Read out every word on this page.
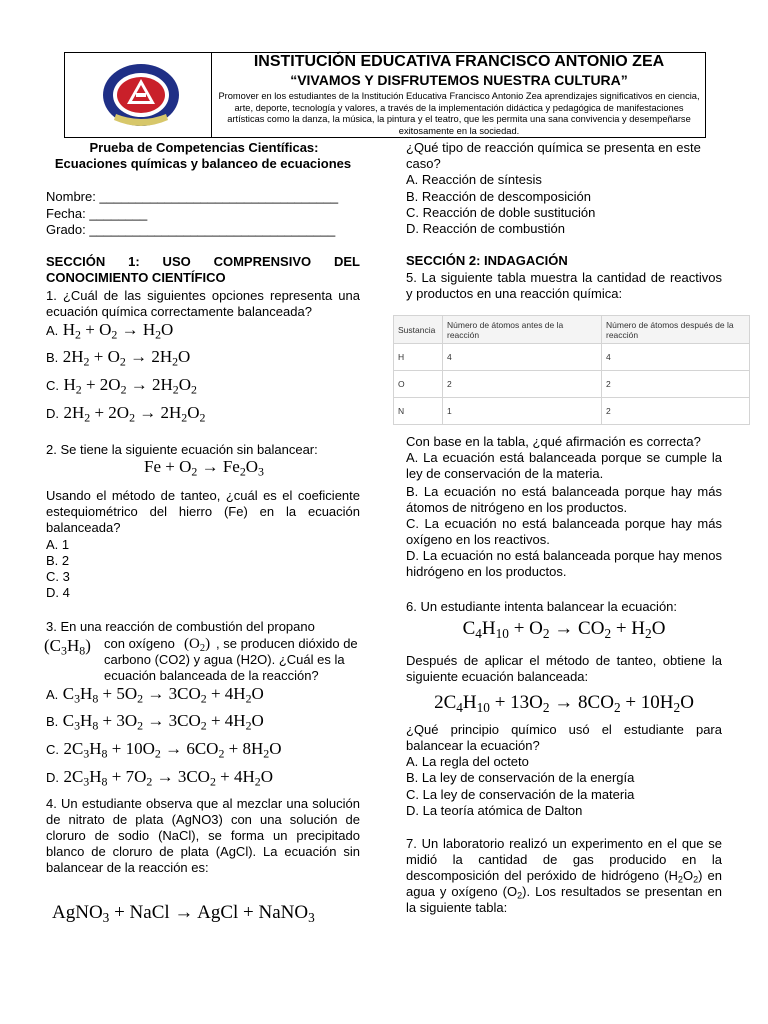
INSTITUCIÓN EDUCATIVA FRANCISCO ANTONIO ZEA
“VIVAMOS Y DISFRUTEMOS NUESTRA CULTURA”
Promover en los estudiantes de la Institución Educativa Francisco Antonio Zea aprendizajes significativos en ciencia, arte, deporte, tecnología y valores, a través de la implementación didáctica y pedagógica de manifestaciones artísticas como la danza, la música, la pintura y el teatro, que les permita una sana convivencia y desempeñarse exitosamente en la sociedad.
Prueba de Competencias Científicas:
Ecuaciones químicas y balanceo de ecuaciones
Nombre: _________________________________
Fecha: ________
Grado: __________________________________
SECCIÓN 1: USO COMPRENSIVO DEL CONOCIMIENTO CIENTÍFICO
1. ¿Cuál de las siguientes opciones representa una ecuación química correctamente balanceada?
A. $H_2 + O_2 \to H_2O$
B. $2H_2 + O_2 \to 2H_2O$
C. $H_2 + 2O_2 \to 2H_2O_2$
D. $2H_2 + 2O_2 \to 2H_2O_2$
2. Se tiene la siguiente ecuación sin balancear:
$Fe + O_2 \to Fe_2O_3$
Usando el método de tanteo, ¿cuál es el coeficiente estequiométrico del hierro (Fe) en la ecuación balanceada?
A. 1
B. 2
C. 3
D. 4
3. En una reacción de combustión del propano
$(C_3H_8)$ con oxígeno $(O_2)$ , se producen dióxido de carbono (CO2) y agua (H2O). ¿Cuál es la ecuación balanceada de la reacción?
A. $C_3H_8 + 5O_2 \to 3CO_2 + 4H_2O$
B. $C_3H_8 + 3O_2 \to 3CO_2 + 4H_2O$
C. $2C_3H_8 + 10O_2 \to 6CO_2 + 8H_2O$
D. $2C_3H_8 + 7O_2 \to 3CO_2 + 4H_2O$
4. Un estudiante observa que al mezclar una solución de nitrato de plata (AgNO3) con una solución de cloruro de sodio (NaCl), se forma un precipitado blanco de cloruro de plata (AgCl). La ecuación sin balancear de la reacción es:
AgNO$_3$ + NaCl → AgCl + NaNO$_3$
¿Qué tipo de reacción química se presenta en este caso?
A. Reacción de síntesis
B. Reacción de descomposición
C. Reacción de doble sustitución
D. Reacción de combustión
SECCIÓN 2: INDAGACIÓN
5. La siguiente tabla muestra la cantidad de reactivos y productos en una reacción química:
Sustancia	Número de átomos antes de la reacción	Número de átomos después de la reacción
H	4	4
O	2	2
N	1	2
Con base en la tabla, ¿qué afirmación es correcta?
A. La ecuación está balanceada porque se cumple la ley de conservación de la materia.
B. La ecuación no está balanceada porque hay más átomos de nitrógeno en los productos.
C. La ecuación no está balanceada porque hay más oxígeno en los reactivos.
D. La ecuación no está balanceada porque hay menos hidrógeno en los productos.
6. Un estudiante intenta balancear la ecuación:
$C_4H_{10} + O_2 \to CO_2 + H_2O$
Después de aplicar el método de tanteo, obtiene la siguiente ecuación balanceada:
$2C_4H_{10} + 13O_2 \to 8CO_2 + 10H_2O$
¿Qué principio químico usó el estudiante para balancear la ecuación?
A. La regla del octeto
B. La ley de conservación de la energía
C. La ley de conservación de la materia
D. La teoría atómica de Dalton
7. Un laboratorio realizó un experimento en el que se midió la cantidad de gas producido en la descomposición del peróxido de hidrógeno $(H_2O_2)$ en agua y oxígeno $(O_2)$. Los resultados se presentan en la siguiente tabla:
